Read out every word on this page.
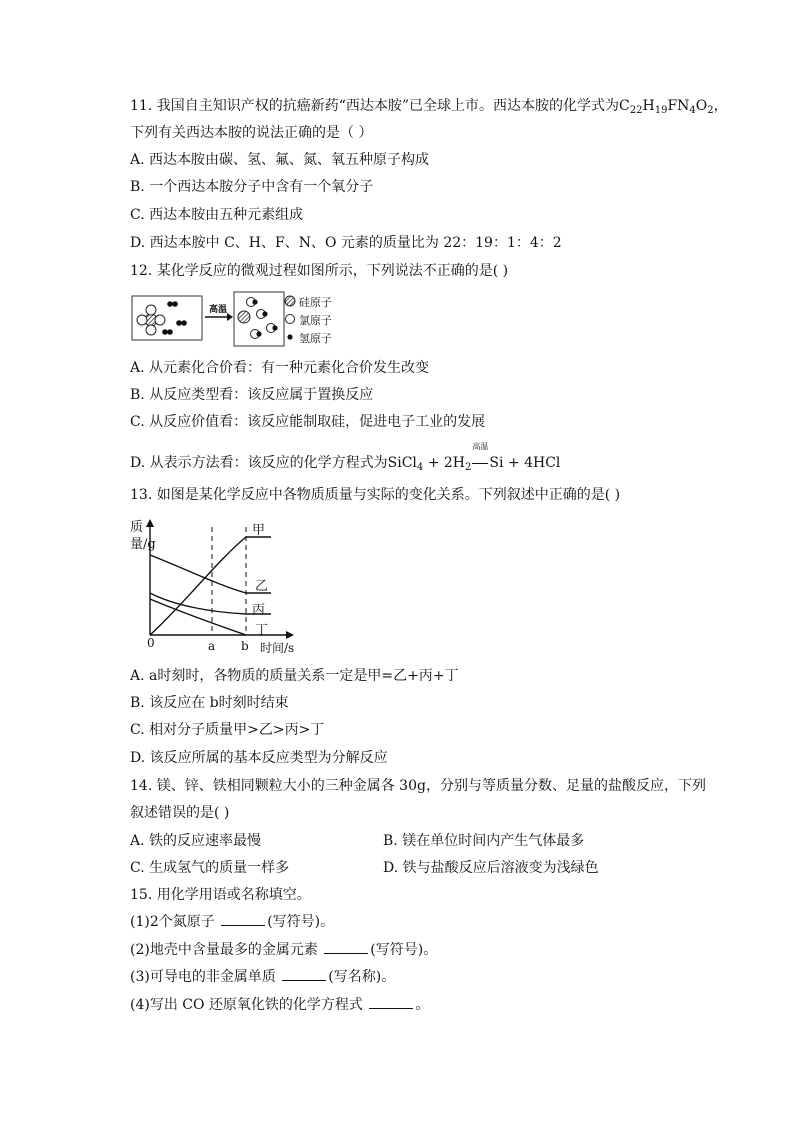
11. 我国自主知识产权的抗癌新药“西达本胺”已全球上市。西达本胺的化学式为$C_{22}H_{19}FN_4O_2$，
下列有关西达本胺的说法正确的是（ ）
A. 西达本胺由碳、氢、氟、氮、氧五种原子构成
B. 一个西达本胺分子中含有一个氧分子
C. 西达本胺由五种元素组成
D. 西达本胺中 C、H、F、N、O 元素的质量比为 22：19：1：4：2
12. 某化学反应的微观过程如图所示，下列说法不正确的是( )
高温
硅原子
氯原子
氢原子
A. 从元素化合价看：有一种元素化合价发生改变
B. 从反应类型看：该反应属于置换反应
C. 从反应价值看：该反应能制取硅，促进电子工业的发展
D. 从表示方法看：该反应的化学方程式为SiCl$_4$ + $2H_2$
高温
Si + 4HCl
13. 如图是某化学反应中各物质质量与实际的变化关系。下列叙述中正确的是( )
质量/g
甲
乙
丙
丁
0	a b 时间/s
A. a时刻时，各物质的质量关系一定是甲=乙+丙+丁
B. 该反应在 b时刻时结束
C. 相对分子质量甲>乙>丙>丁
D. 该反应所属的基本反应类型为分解反应
14. 镁、锌、铁相同颗粒大小的三种金属各 30g，分别与等质量分数、足量的盐酸反应，下列
叙述错误的是( )
A. 铁的反应速率最慢	B. 镁在单位时间内产生气体最多
C. 生成氢气的质量一样多	D. 铁与盐酸反应后溶液变为浅绿色
15. 用化学用语或名称填空。
(1)2个氮原子	(写符号)。
(2)地壳中含量最多的金属元素	(写符号)。
(3)可导电的非金属单质	(写名称)。
(4)写出 CO 还原氧化铁的化学方程式	。
